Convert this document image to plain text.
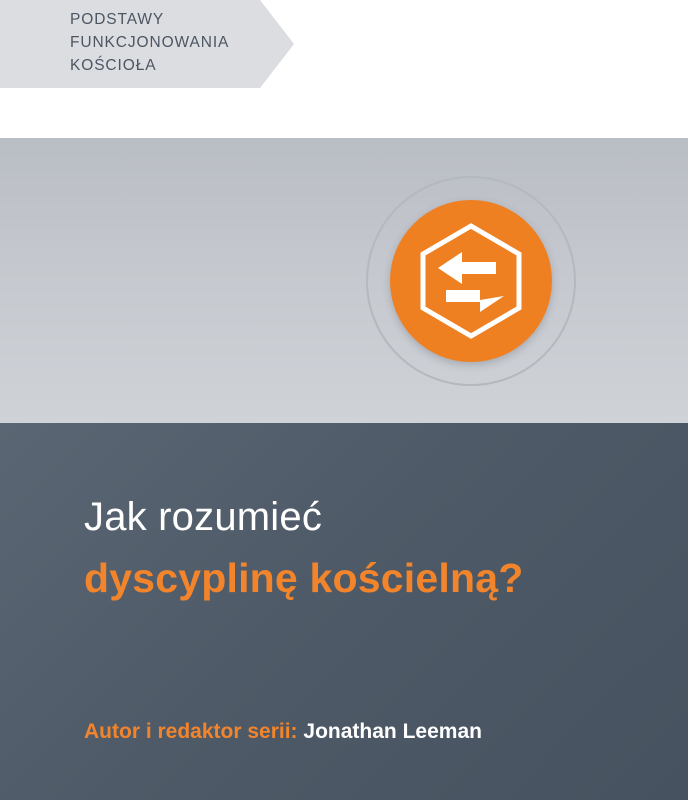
PODSTAWY
FUNKCJONOWANIA
KOŚCIOŁA
Jak rozumieć
dyscyplinę kościelną?
Autor i redaktor serii: Jonathan Leeman
